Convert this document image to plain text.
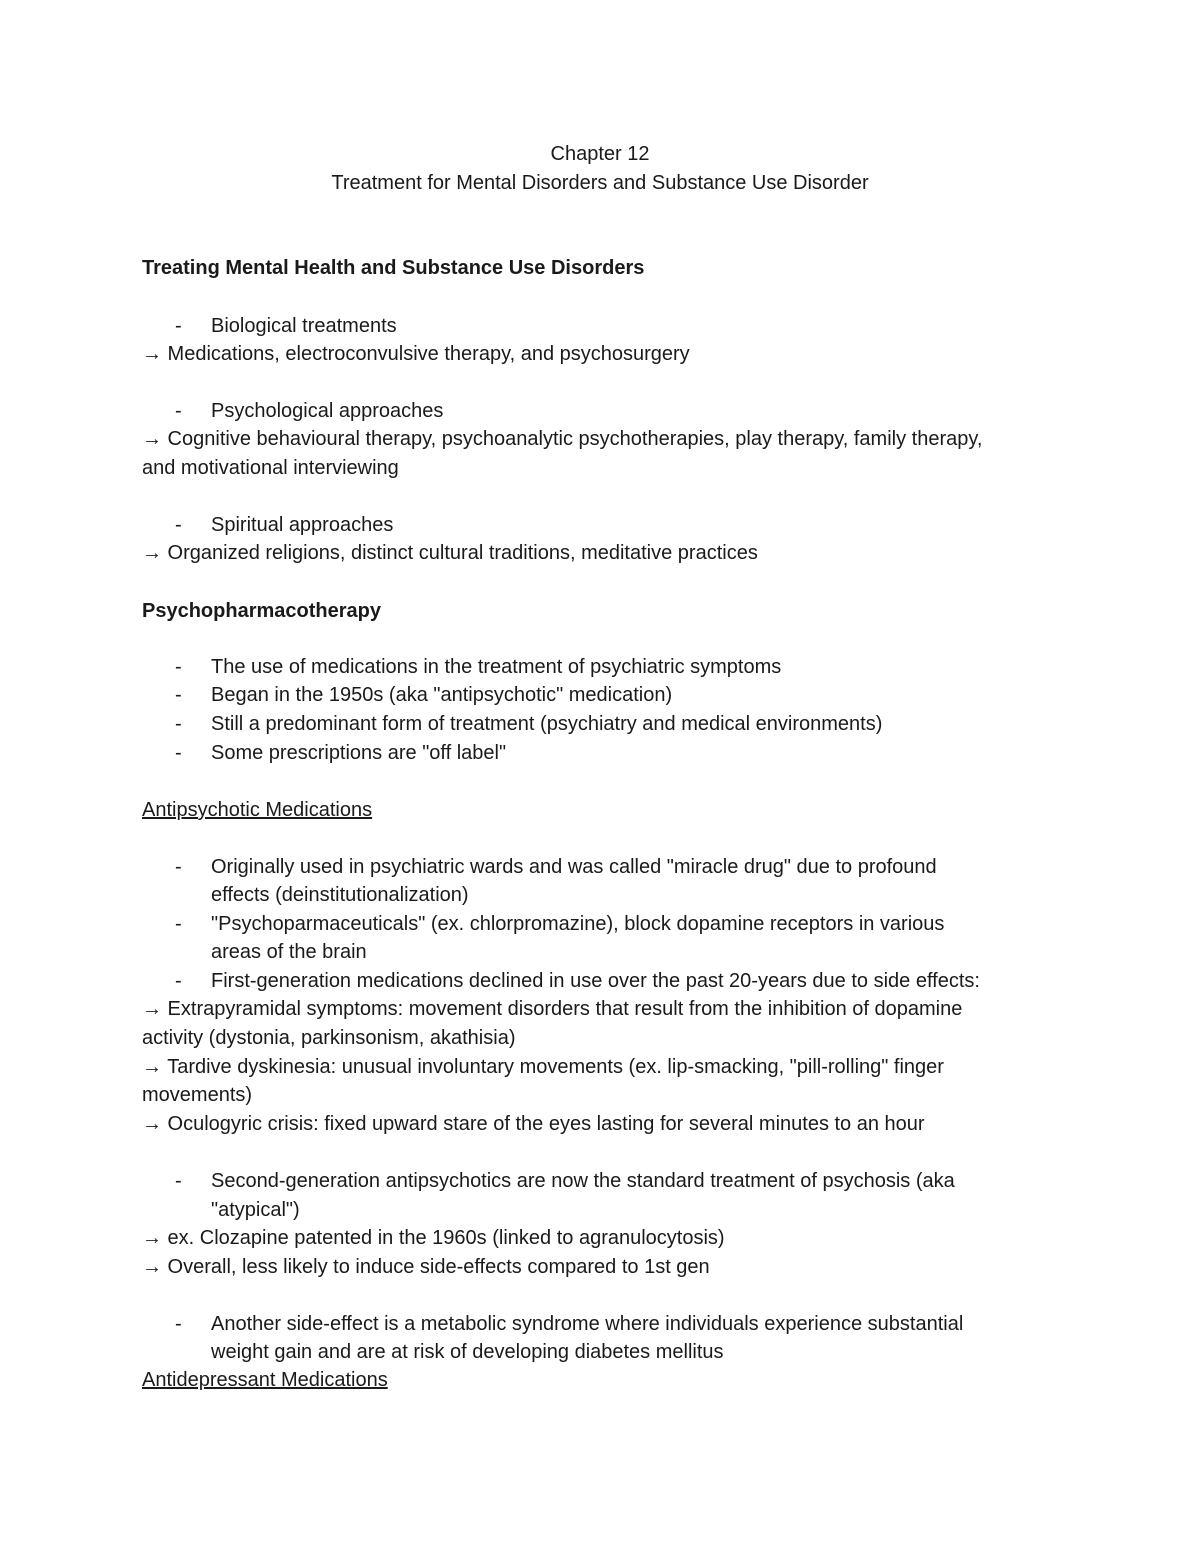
Chapter 12
Treatment for Mental Disorders and Substance Use Disorder
Treating Mental Health and Substance Use Disorders
- Biological treatments
→ Medications, electroconvulsive therapy, and psychosurgery
- Psychological approaches
→ Cognitive behavioural therapy, psychoanalytic psychotherapies, play therapy, family therapy,
and motivational interviewing
- Spiritual approaches
→ Organized religions, distinct cultural traditions, meditative practices
Psychopharmacotherapy
- The use of medications in the treatment of psychiatric symptoms
- Began in the 1950s (aka "antipsychotic" medication)
- Still a predominant form of treatment (psychiatry and medical environments)
- Some prescriptions are "off label"
Antipsychotic Medications
- Originally used in psychiatric wards and was called "miracle drug" due to profound
effects (deinstitutionalization)
- "Psychoparmaceuticals" (ex. chlorpromazine), block dopamine receptors in various
areas of the brain
- First-generation medications declined in use over the past 20-years due to side effects:
→ Extrapyramidal symptoms: movement disorders that result from the inhibition of dopamine
activity (dystonia, parkinsonism, akathisia)
→ Tardive dyskinesia: unusual involuntary movements (ex. lip-smacking, "pill-rolling" finger
movements)
→ Oculogyric crisis: fixed upward stare of the eyes lasting for several minutes to an hour
- Second-generation antipsychotics are now the standard treatment of psychosis (aka
"atypical")
→ ex. Clozapine patented in the 1960s (linked to agranulocytosis)
→ Overall, less likely to induce side-effects compared to 1st gen
- Another side-effect is a metabolic syndrome where individuals experience substantial
weight gain and are at risk of developing diabetes mellitus
Antidepressant Medications
